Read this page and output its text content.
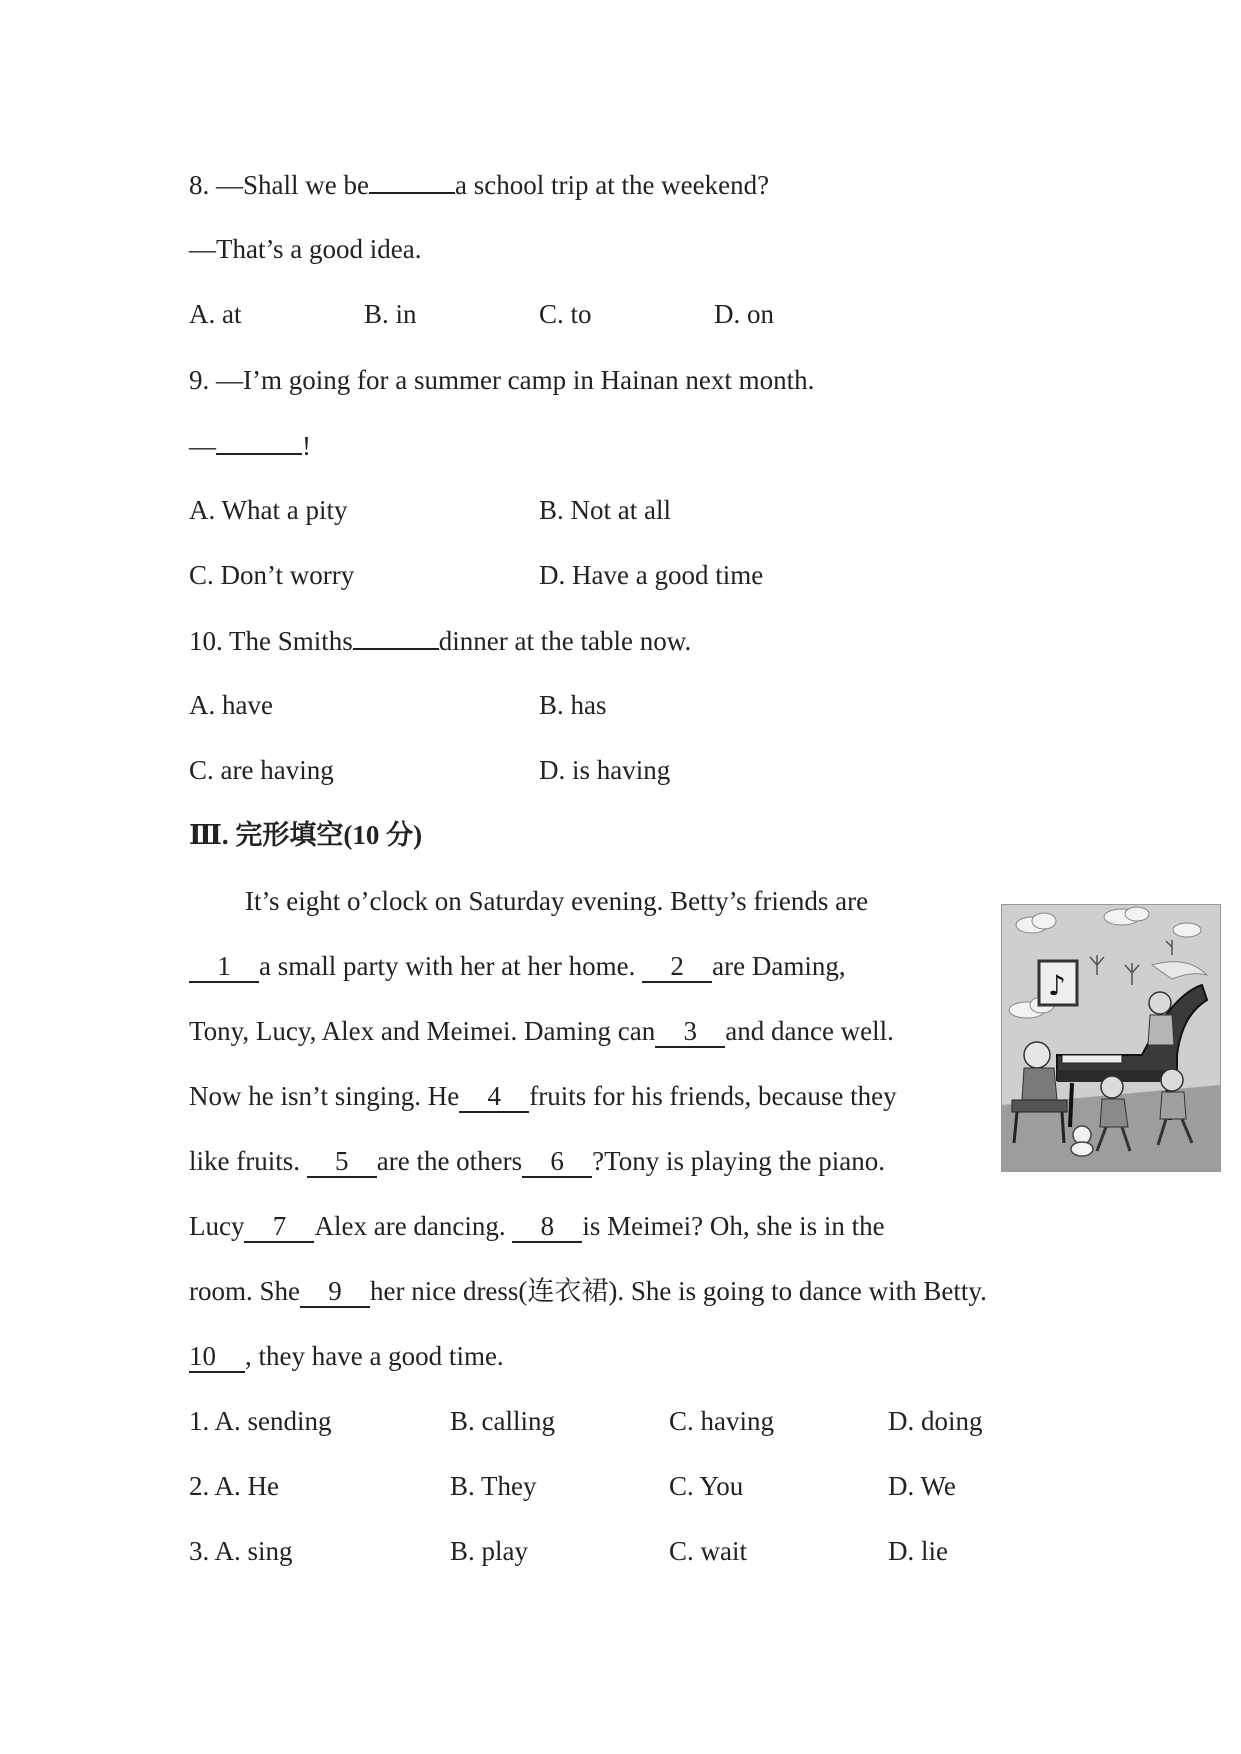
8. —Shall we be	a school trip at the weekend?
—That’s a good idea.
A. at	B. in	C. to	D. on
9. —I’m going for a summer camp in Hainan next month.
—	!
A. What a pity	B. Not at all
C. Don’t worry	D. Have a good time
10. The Smiths	dinner at the table now.
A. have	B. has
C. are having	D. is having
Ⅲ. 完形填空(10 分)
It’s eight o’clock on Saturday evening. Betty’s friends are
1 a small party with her at her home. 2 are Daming,
Tony, Lucy, Alex and Meimei. Daming can 3 and dance well.
Now he isn’t singing. He 4 fruits for his friends, because they
like fruits. 5 are the others 6 ?Tony is playing the piano.
Lucy 7 Alex are dancing. 8 is Meimei? Oh, she is in the
room. She 9 her nice dress(连衣裙). She is going to dance with Betty.
10 , they have a good time.
1. A. sending	B. calling	C. having	D. doing
2. A. He	B. They	C. You	D. We
3. A. sing	B. play	C. wait	D. lie
♪
